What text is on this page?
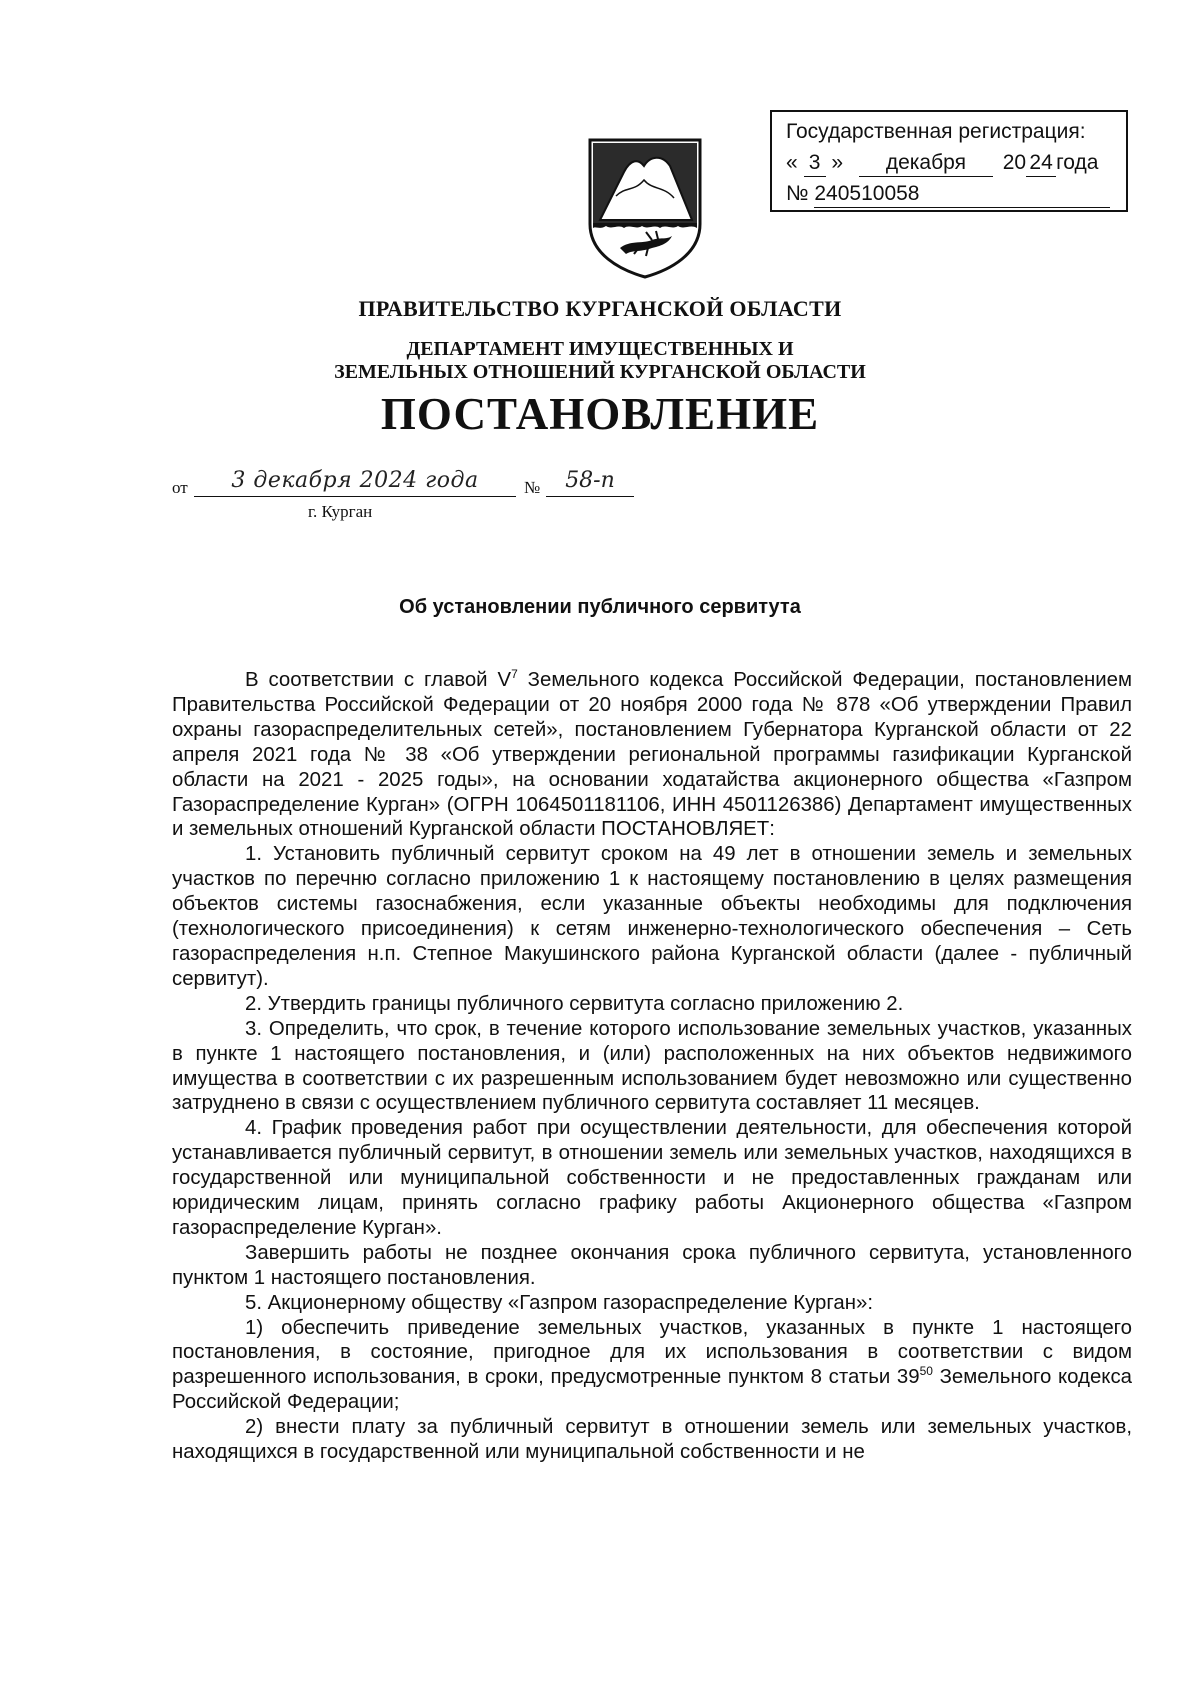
Государственная регистрация:
« 3 » декабря 20 24 года
№ 240510058
ПРАВИТЕЛЬСТВО КУРГАНСКОЙ ОБЛАСТИ
ДЕПАРТАМЕНТ ИМУЩЕСТВЕННЫХ И
ЗЕМЕЛЬНЫХ ОТНОШЕНИЙ КУРГАНСКОЙ ОБЛАСТИ
ПОСТАНОВЛЕНИЕ
от	3 декабря 2024 года	№	58-п
г. Курган
Об установлении публичного сервитута

В соответствии с главой $V^7$ Земельного кодекса Российской Федерации, постановлением Правительства Российской Федерации от 20 ноября 2000 года № 878 «Об утверждении Правил охраны газораспределительных сетей», постановлением Губернатора Курганской области от 22 апреля 2021 года № 38 «Об утверждении региональной программы газификации Курганской области на 2021 - 2025 годы», на основании ходатайства акционерного общества «Газпром Газораспределение Курган» (ОГРН 1064501181106, ИНН 4501126386) Департамент имущественных и земельных отношений Курганской области ПОСТАНОВЛЯЕТ:

1. Установить публичный сервитут сроком на 49 лет в отношении земель и земельных участков по перечню согласно приложению 1 к настоящему постановлению в целях размещения объектов системы газоснабжения, если указанные объекты необходимы для подключения (технологического присоединения) к сетям инженерно-технологического обеспечения – Сеть газораспределения н.п. Степное Макушинского района Курганской области (далее - публичный сервитут).

2. Утвердить границы публичного сервитута согласно приложению 2.

3. Определить, что срок, в течение которого использование земельных участков, указанных в пункте 1 настоящего постановления, и (или) расположенных на них объектов недвижимого имущества в соответствии с их разрешенным использованием будет невозможно или существенно затруднено в связи с осуществлением публичного сервитута составляет 11 месяцев.

4. График проведения работ при осуществлении деятельности, для обеспечения которой устанавливается публичный сервитут, в отношении земель или земельных участков, находящихся в государственной или муниципальной собственности и не предоставленных гражданам или юридическим лицам, принять согласно графику работы Акционерного общества «Газпром газораспределение Курган».

Завершить работы не позднее окончания срока публичного сервитута, установленного пунктом 1 настоящего постановления.

5. Акционерному обществу «Газпром газораспределение Курган»:

1) обеспечить приведение земельных участков, указанных в пункте 1 настоящего постановления, в состояние, пригодное для их использования в соответствии с видом разрешенного использования, в сроки, предусмотренные пунктом 8 статьи $39^{50}$ Земельного кодекса Российской Федерации;

2) внести плату за публичный сервитут в отношении земель или земельных участков, находящихся в государственной или муниципальной собственности и не
